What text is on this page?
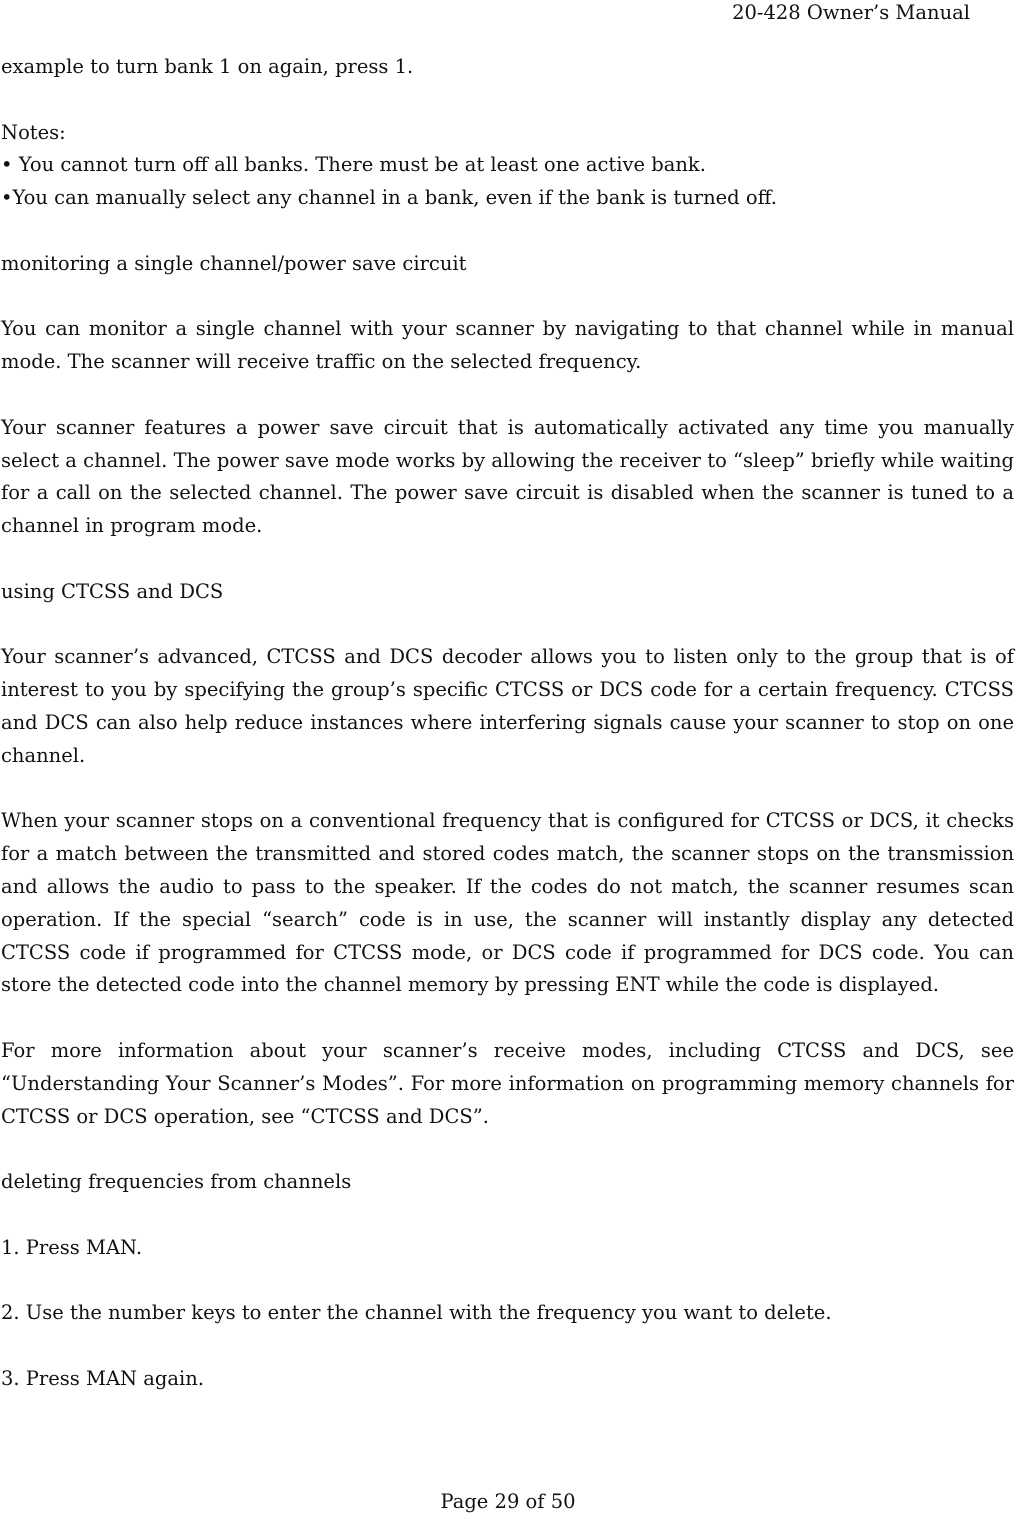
20-428 Owner’s Manual

example to turn bank 1 on again, press 1.

Notes:

• You cannot turn off all banks. There must be at least one active bank.

•You can manually select any channel in a bank, even if the bank is turned off.

monitoring a single channel/power save circuit

You can monitor a single channel with your scanner by navigating to that channel while in manual mode. The scanner will receive traffic on the selected frequency.

Your scanner features a power save circuit that is automatically activated any time you manually select a channel. The power save mode works by allowing the receiver to “sleep” briefly while waiting for a call on the selected channel. The power save circuit is disabled when the scanner is tuned to a channel in program mode.

using CTCSS and DCS

Your scanner’s advanced, CTCSS and DCS decoder allows you to listen only to the group that is of interest to you by specifying the group’s specific CTCSS or DCS code for a certain frequency. CTCSS and DCS can also help reduce instances where interfering signals cause your scanner to stop on one channel.

When your scanner stops on a conventional frequency that is configured for CTCSS or DCS, it checks for a match between the transmitted and stored codes match, the scanner stops on the transmission and allows the audio to pass to the speaker. If the codes do not match, the scanner resumes scan operation. If the special “search” code is in use, the scanner will instantly display any detected CTCSS code if programmed for CTCSS mode, or DCS code if programmed for DCS code. You can store the detected code into the channel memory by pressing ENT while the code is displayed.

For more information about your scanner’s receive modes, including CTCSS and DCS, see “Understanding Your Scanner’s Modes”. For more information on programming memory channels for CTCSS or DCS operation, see “CTCSS and DCS”.

deleting frequencies from channels

1. Press MAN.

2. Use the number keys to enter the channel with the frequency you want to delete.

3. Press MAN again.

Page 29 of 50
